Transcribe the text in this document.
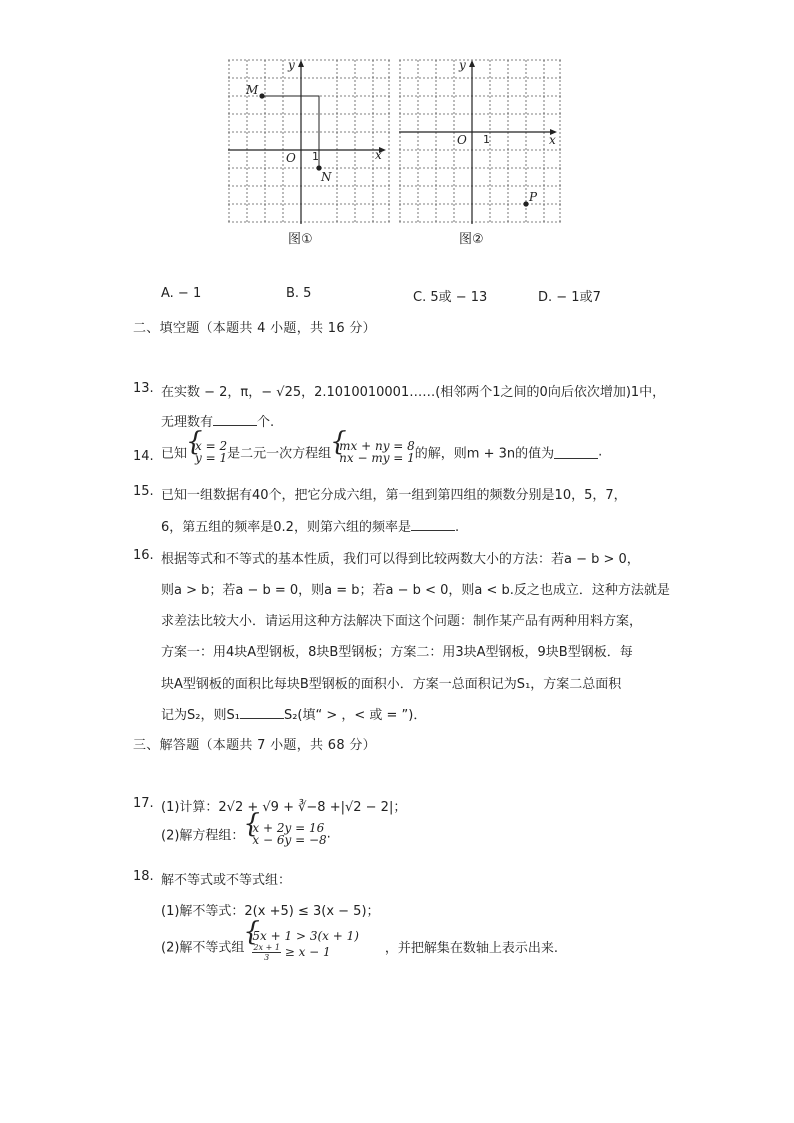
y
x
O 1
M
N
图①
y
x
O 1
P
图②
A. − 1	B. 5	C. 5或 − 13	D. − 1或7
二、填空题（本题共 4 小题，共 16 分）
13. 在实数 − 2，π，− √25，2.1010010001……(相邻两个1之间的0向后依次增加)1中，
无理数有	个.
14. 已知
{ x = 2
y = 1 是二元一次方程组
{ mx + ny = 8
nx − my = 1 的解，则m + 3n的值为	.
15. 已知一组数据有40个，把它分成六组，第一组到第四组的频数分别是10，5，7，
6，第五组的频率是0.2，则第六组的频率是	.
16. 根据等式和不等式的基本性质，我们可以得到比较两数大小的方法：若a − b > 0，
则a > b；若a − b = 0，则a = b；若a − b < 0，则a < b.反之也成立．这种方法就是
求差法比较大小．请运用这种方法解决下面这个问题：制作某产品有两种用料方案，
方案一：用4块A型钢板，8块B型钢板；方案二：用3块A型钢板，9块B型钢板．每
块A型钢板的面积比每块B型钢板的面积小．方案一总面积记为S₁，方案二总面积
记为S₂，则S₁	S₂(填“ > ，< 或 = ”)．
三、解答题（本题共 7 小题，共 68 分）
17. (1)计算：2√2 + √9 + ∛−8 +|√2 − 2|；
(2)解方程组：
{ x + 2y = 16
x − 6y = −8 .
18. 解不等式或不等式组：
(1)解不等式：2(x +5) ≤ 3(x − 5)；
(2)解不等式组
{ 5x + 1 > 3(x + 1)
$\frac{2x + 1}{3} \ge x - 1$	，并把解集在数轴上表示出来.
